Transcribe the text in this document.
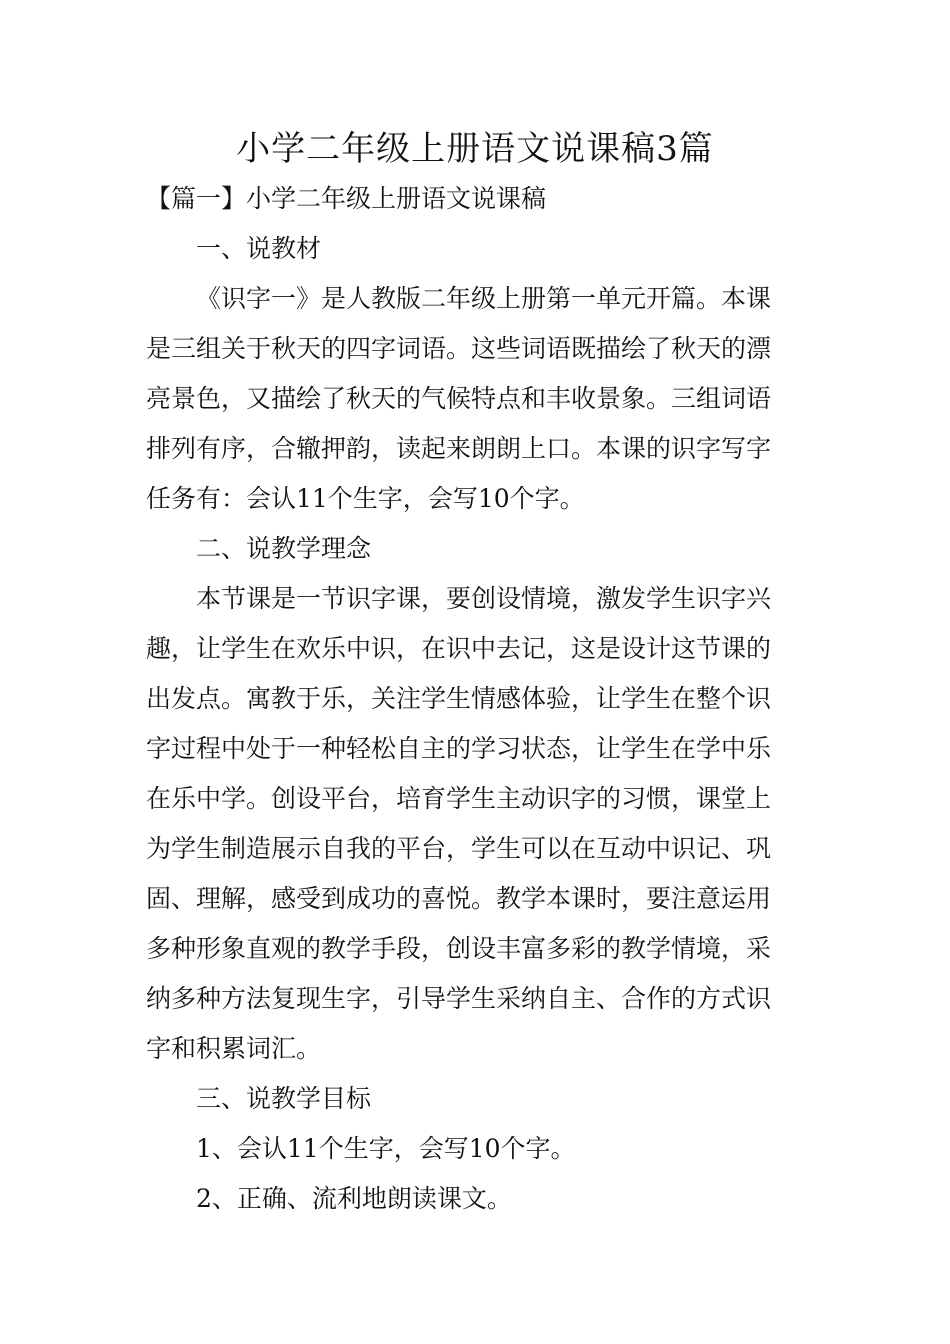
小学二年级上册语文说课稿3篇
【篇一】小学二年级上册语文说课稿
一、说教材
《识字一》是人教版二年级上册第一单元开篇。本课
是三组关于秋天的四字词语。这些词语既描绘了秋天的漂
亮景色，又描绘了秋天的气候特点和丰收景象。三组词语
排列有序，合辙押韵，读起来朗朗上口。本课的识字写字
任务有：会认11个生字，会写10个字。
二、说教学理念
本节课是一节识字课，要创设情境，激发学生识字兴
趣，让学生在欢乐中识，在识中去记，这是设计这节课的
出发点。寓教于乐，关注学生情感体验，让学生在整个识
字过程中处于一种轻松自主的学习状态，让学生在学中乐
在乐中学。创设平台，培育学生主动识字的习惯，课堂上
为学生制造展示自我的平台，学生可以在互动中识记、巩
固、理解，感受到成功的喜悦。教学本课时，要注意运用
多种形象直观的教学手段，创设丰富多彩的教学情境，采
纳多种方法复现生字，引导学生采纳自主、合作的方式识
字和积累词汇。
三、说教学目标
1、会认11个生字，会写10个字。
2、正确、流利地朗读课文。
